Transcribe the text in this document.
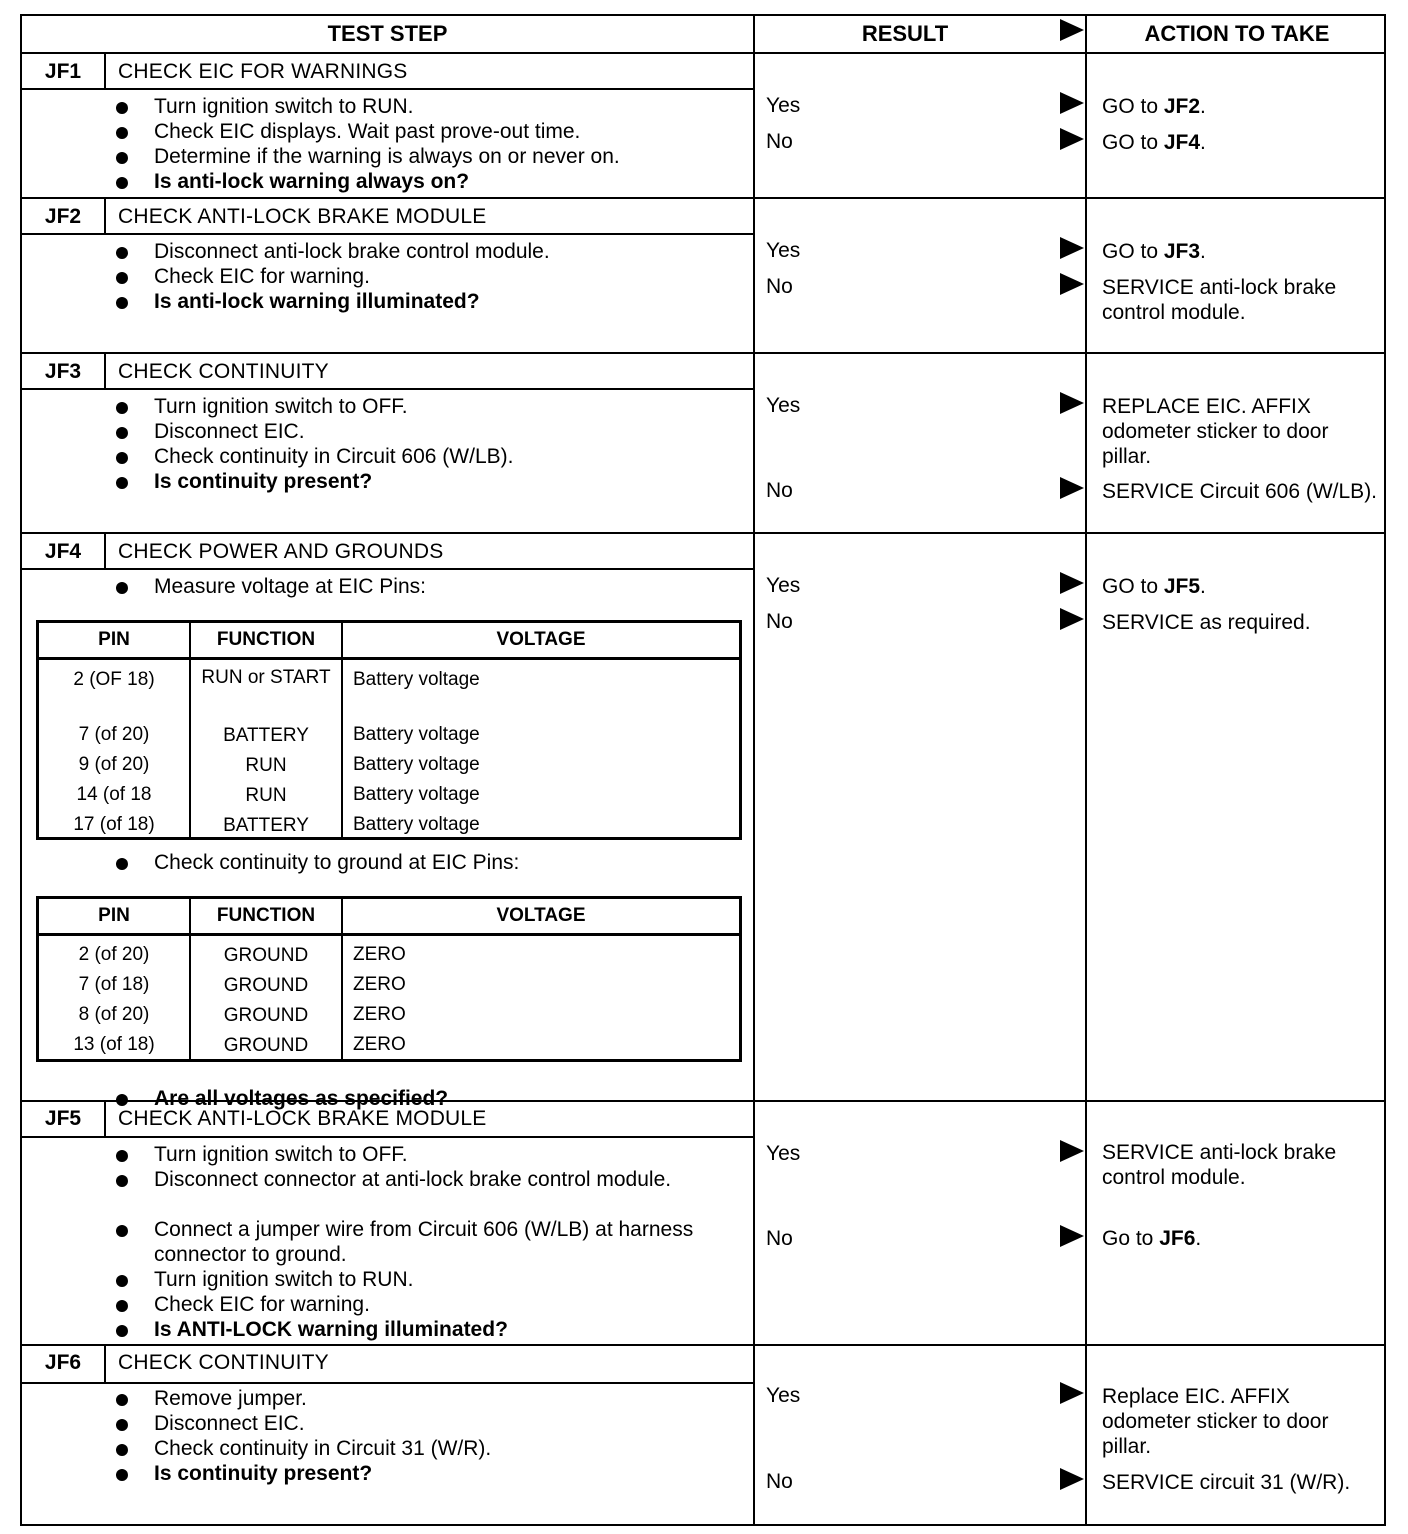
TEST STEP	RESULT	ACTION TO TAKE
JF1	CHECK EIC FOR WARNINGS
Turn ignition switch to RUN.
Check EIC displays. Wait past prove-out time.
Determine if the warning is always on or never on.
Is anti-lock warning always on?
Yes	GO to JF2.
No	GO to JF4.
JF2	CHECK ANTI-LOCK BRAKE MODULE
Disconnect anti-lock brake control module.
Check EIC for warning.
Is anti-lock warning illuminated?
Yes	GO to JF3.
No	SERVICE anti-lock brake control module.
JF3	CHECK CONTINUITY
Turn ignition switch to OFF.
Disconnect EIC.
Check continuity in Circuit 606 (W/LB).
Is continuity present?
Yes	REPLACE EIC. AFFIX odometer sticker to door pillar.
No	SERVICE Circuit 606 (W/LB).
JF4	CHECK POWER AND GROUNDS
Measure voltage at EIC Pins:
PIN	FUNCTION	VOLTAGE
2 (OF 18)	RUN or START	Battery voltage
7 (of 20)	BATTERY	Battery voltage
9 (of 20)	RUN	Battery voltage
14 (of 18	RUN	Battery voltage
17 (of 18)	BATTERY	Battery voltage
Check continuity to ground at EIC Pins:
PIN	FUNCTION	VOLTAGE
2 (of 20)	GROUND	ZERO
7 (of 18)	GROUND	ZERO
8 (of 20)	GROUND	ZERO
13 (of 18)	GROUND	ZERO
Are all voltages as specified?
Yes	GO to JF5.
No	SERVICE as required.
JF5	CHECK ANTI-LOCK BRAKE MODULE
Turn ignition switch to OFF.
Disconnect connector at anti-lock brake control module.
Connect a jumper wire from Circuit 606 (W/LB) at harness connector to ground.
Turn ignition switch to RUN.
Check EIC for warning.
Is ANTI-LOCK warning illuminated?
Yes	SERVICE anti-lock brake control module.
No	Go to JF6.
JF6	CHECK CONTINUITY
Remove jumper.
Disconnect EIC.
Check continuity in Circuit 31 (W/R).
Is continuity present?
Yes	Replace EIC. AFFIX odometer sticker to door pillar.
No	SERVICE circuit 31 (W/R).
